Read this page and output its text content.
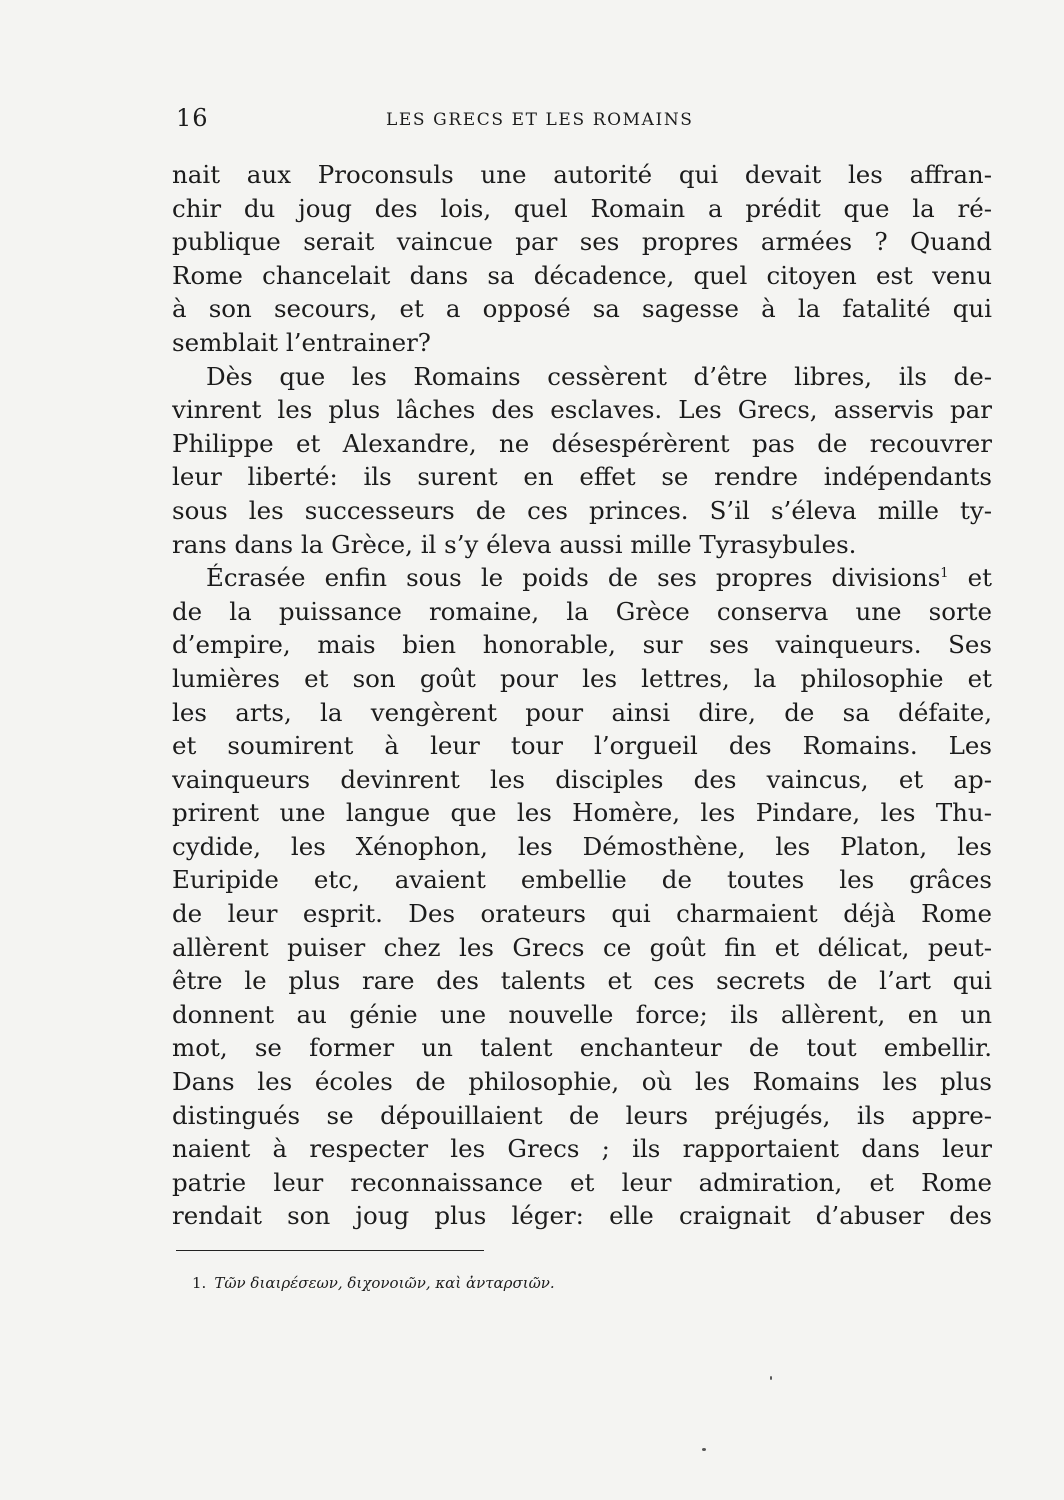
16	LES GRECS ET LES ROMAINS
nait aux Proconsuls une autorité qui devait les affran-
chir du joug des lois, quel Romain a prédit que la ré-
publique serait vaincue par ses propres armées ? Quand
Rome chancelait dans sa décadence, quel citoyen est venu
à son secours, et a opposé sa sagesse à la fatalité qui
semblait l’entrainer?
Dès que les Romains cessèrent d’être libres, ils de-
vinrent les plus lâches des esclaves. Les Grecs, asservis par
Philippe et Alexandre, ne désespérèrent pas de recouvrer
leur liberté: ils surent en effet se rendre indépendants
sous les successeurs de ces princes. S’il s’éleva mille ty-
rans dans la Grèce, il s’y éleva aussi mille Tyrasybules.
Écrasée enfin sous le poids de ses propres divisions$^1$ et
de la puissance romaine, la Grèce conserva une sorte
d’empire, mais bien honorable, sur ses vainqueurs. Ses
lumières et son goût pour les lettres, la philosophie et
les arts, la vengèrent pour ainsi dire, de sa défaite,
et soumirent à leur tour l’orgueil des Romains. Les
vainqueurs devinrent les disciples des vaincus, et ap-
prirent une langue que les Homère, les Pindare, les Thu-
cydide, les Xénophon, les Démosthène, les Platon, les
Euripide etc, avaient embellie de toutes les grâces
de leur esprit. Des orateurs qui charmaient déjà Rome
allèrent puiser chez les Grecs ce goût fin et délicat, peut-
être le plus rare des talents et ces secrets de l’art qui
donnent au génie une nouvelle force; ils allèrent, en un
mot, se former un talent enchanteur de tout embellir.
Dans les écoles de philosophie, où les Romains les plus
distingués se dépouillaient de leurs préjugés, ils appre-
naient à respecter les Grecs ; ils rapportaient dans leur
patrie leur reconnaissance et leur admiration, et Rome
rendait son joug plus léger: elle craignait d’abuser des
1. Τῶν διαιρέσεων, διχονοιῶν, καὶ ἀνταρσιῶν.
